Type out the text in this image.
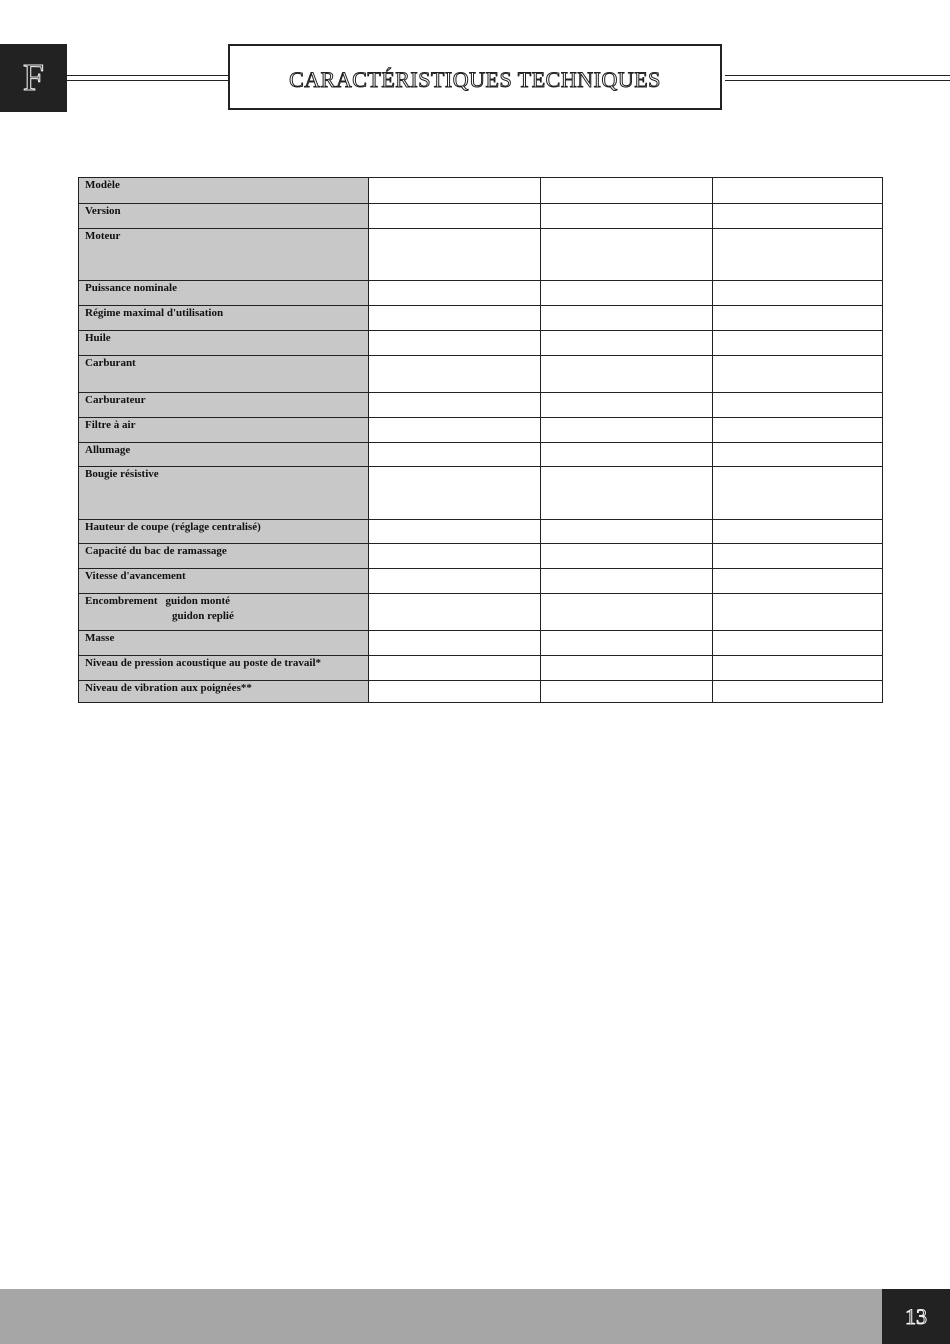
F	CARACTÉRISTIQUES TECHNIQUES
Modèle			
Version			
Moteur			
Puissance nominale			
Régime maximal d'utilisation			
Huile			
Carburant			
Carburateur			
Filtre à air			
Allumage			
Bougie résistive			
Hauteur de coupe (réglage centralisé)			
Capacité du bac de ramassage			
Vitesse d'avancement			

Encombrement guidon monté
guidon replié			

Masse			
Niveau de pression acoustique au poste de travail*			
Niveau de vibration aux poignées**			
13
